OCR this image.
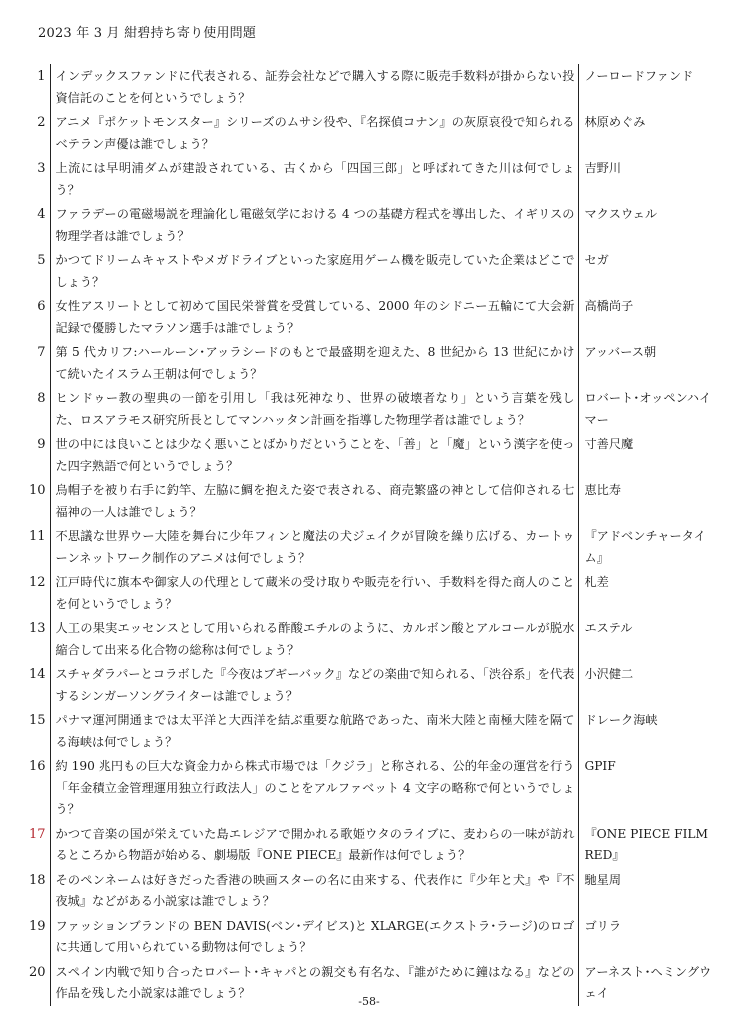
2023 年 3 月 紺碧持ち寄り使用問題
1	インデックスファンドに代表される、証券会社などで購入する際に販売手数料が掛からない投資信託のことを何というでしょう？	ノーロードファンド
2	アニメ『ポケットモンスター』シリーズのムサシ役や、『名探偵コナン』の灰原哀役で知られるベテラン声優は誰でしょう？	林原めぐみ
3	上流には早明浦ダムが建設されている、古くから「四国三郎」と呼ばれてきた川は何でしょう？	吉野川
4	ファラデーの電磁場説を理論化し電磁気学における 4 つの基礎方程式を導出した、イギリスの物理学者は誰でしょう？	マクスウェル
5	かつてドリームキャストやメガドライブといった家庭用ゲーム機を販売していた企業はどこでしょう？	セガ
6	女性アスリートとして初めて国民栄誉賞を受賞している、2000 年のシドニー五輪にて大会新記録で優勝したマラソン選手は誰でしょう？	高橋尚子
7	第 5 代カリフ:ハールーン･アッラシードのもとで最盛期を迎えた、8 世紀から 13 世紀にかけて続いたイスラム王朝は何でしょう？	アッバース朝
8	ヒンドゥー教の聖典の一節を引用し「我は死神なり、世界の破壊者なり」という言葉を残した、ロスアラモス研究所長としてマンハッタン計画を指導した物理学者は誰でしょう？	ロバート･オッペンハイマー
9	世の中には良いことは少なく悪いことばかりだということを、「善」と「魔」という漢字を使った四字熟語で何というでしょう？	寸善尺魔
10	烏帽子を被り右手に釣竿、左脇に鯛を抱えた姿で表される、商売繁盛の神として信仰される七福神の一人は誰でしょう？	恵比寿
11	不思議な世界ウー大陸を舞台に少年フィンと魔法の犬ジェイクが冒険を繰り広げる、カートゥーンネットワーク制作のアニメは何でしょう？	『アドベンチャータイム』
12	江戸時代に旗本や御家人の代理として蔵米の受け取りや販売を行い、手数料を得た商人のことを何というでしょう？	札差
13	人工の果実エッセンスとして用いられる酢酸エチルのように、カルボン酸とアルコールが脱水縮合して出来る化合物の総称は何でしょう？	エステル
14	スチャダラパーとコラボした『今夜はブギーバック』などの楽曲で知られる、「渋谷系」を代表するシンガーソングライターは誰でしょう？	小沢健二
15	パナマ運河開通までは太平洋と大西洋を結ぶ重要な航路であった、南米大陸と南極大陸を隔てる海峡は何でしょう？	ドレーク海峡
16	約 190 兆円もの巨大な資金力から株式市場では「クジラ」と称される、公的年金の運営を行う「年金積立金管理運用独立行政法人」のことをアルファベット 4 文字の略称で何というでしょう？	GPIF
17	かつて音楽の国が栄えていた島エレジアで開かれる歌姫ウタのライブに、麦わらの一味が訪れるところから物語が始める、劇場版『ONE PIECE』最新作は何でしょう？	『ONE PIECE FILM RED』
18	そのペンネームは好きだった香港の映画スターの名に由来する、代表作に『少年と犬』や『不夜城』などがある小説家は誰でしょう？	馳星周
19	ファッションブランドの BEN DAVIS(ベン･デイビス)と XLARGE(エクストラ･ラージ)のロゴに共通して用いられている動物は何でしょう？	ゴリラ
20	スペイン内戦で知り合ったロバート･キャパとの親交も有名な、『誰がために鐘はなる』などの作品を残した小説家は誰でしょう？	アーネスト･ヘミングウェイ
-58-
